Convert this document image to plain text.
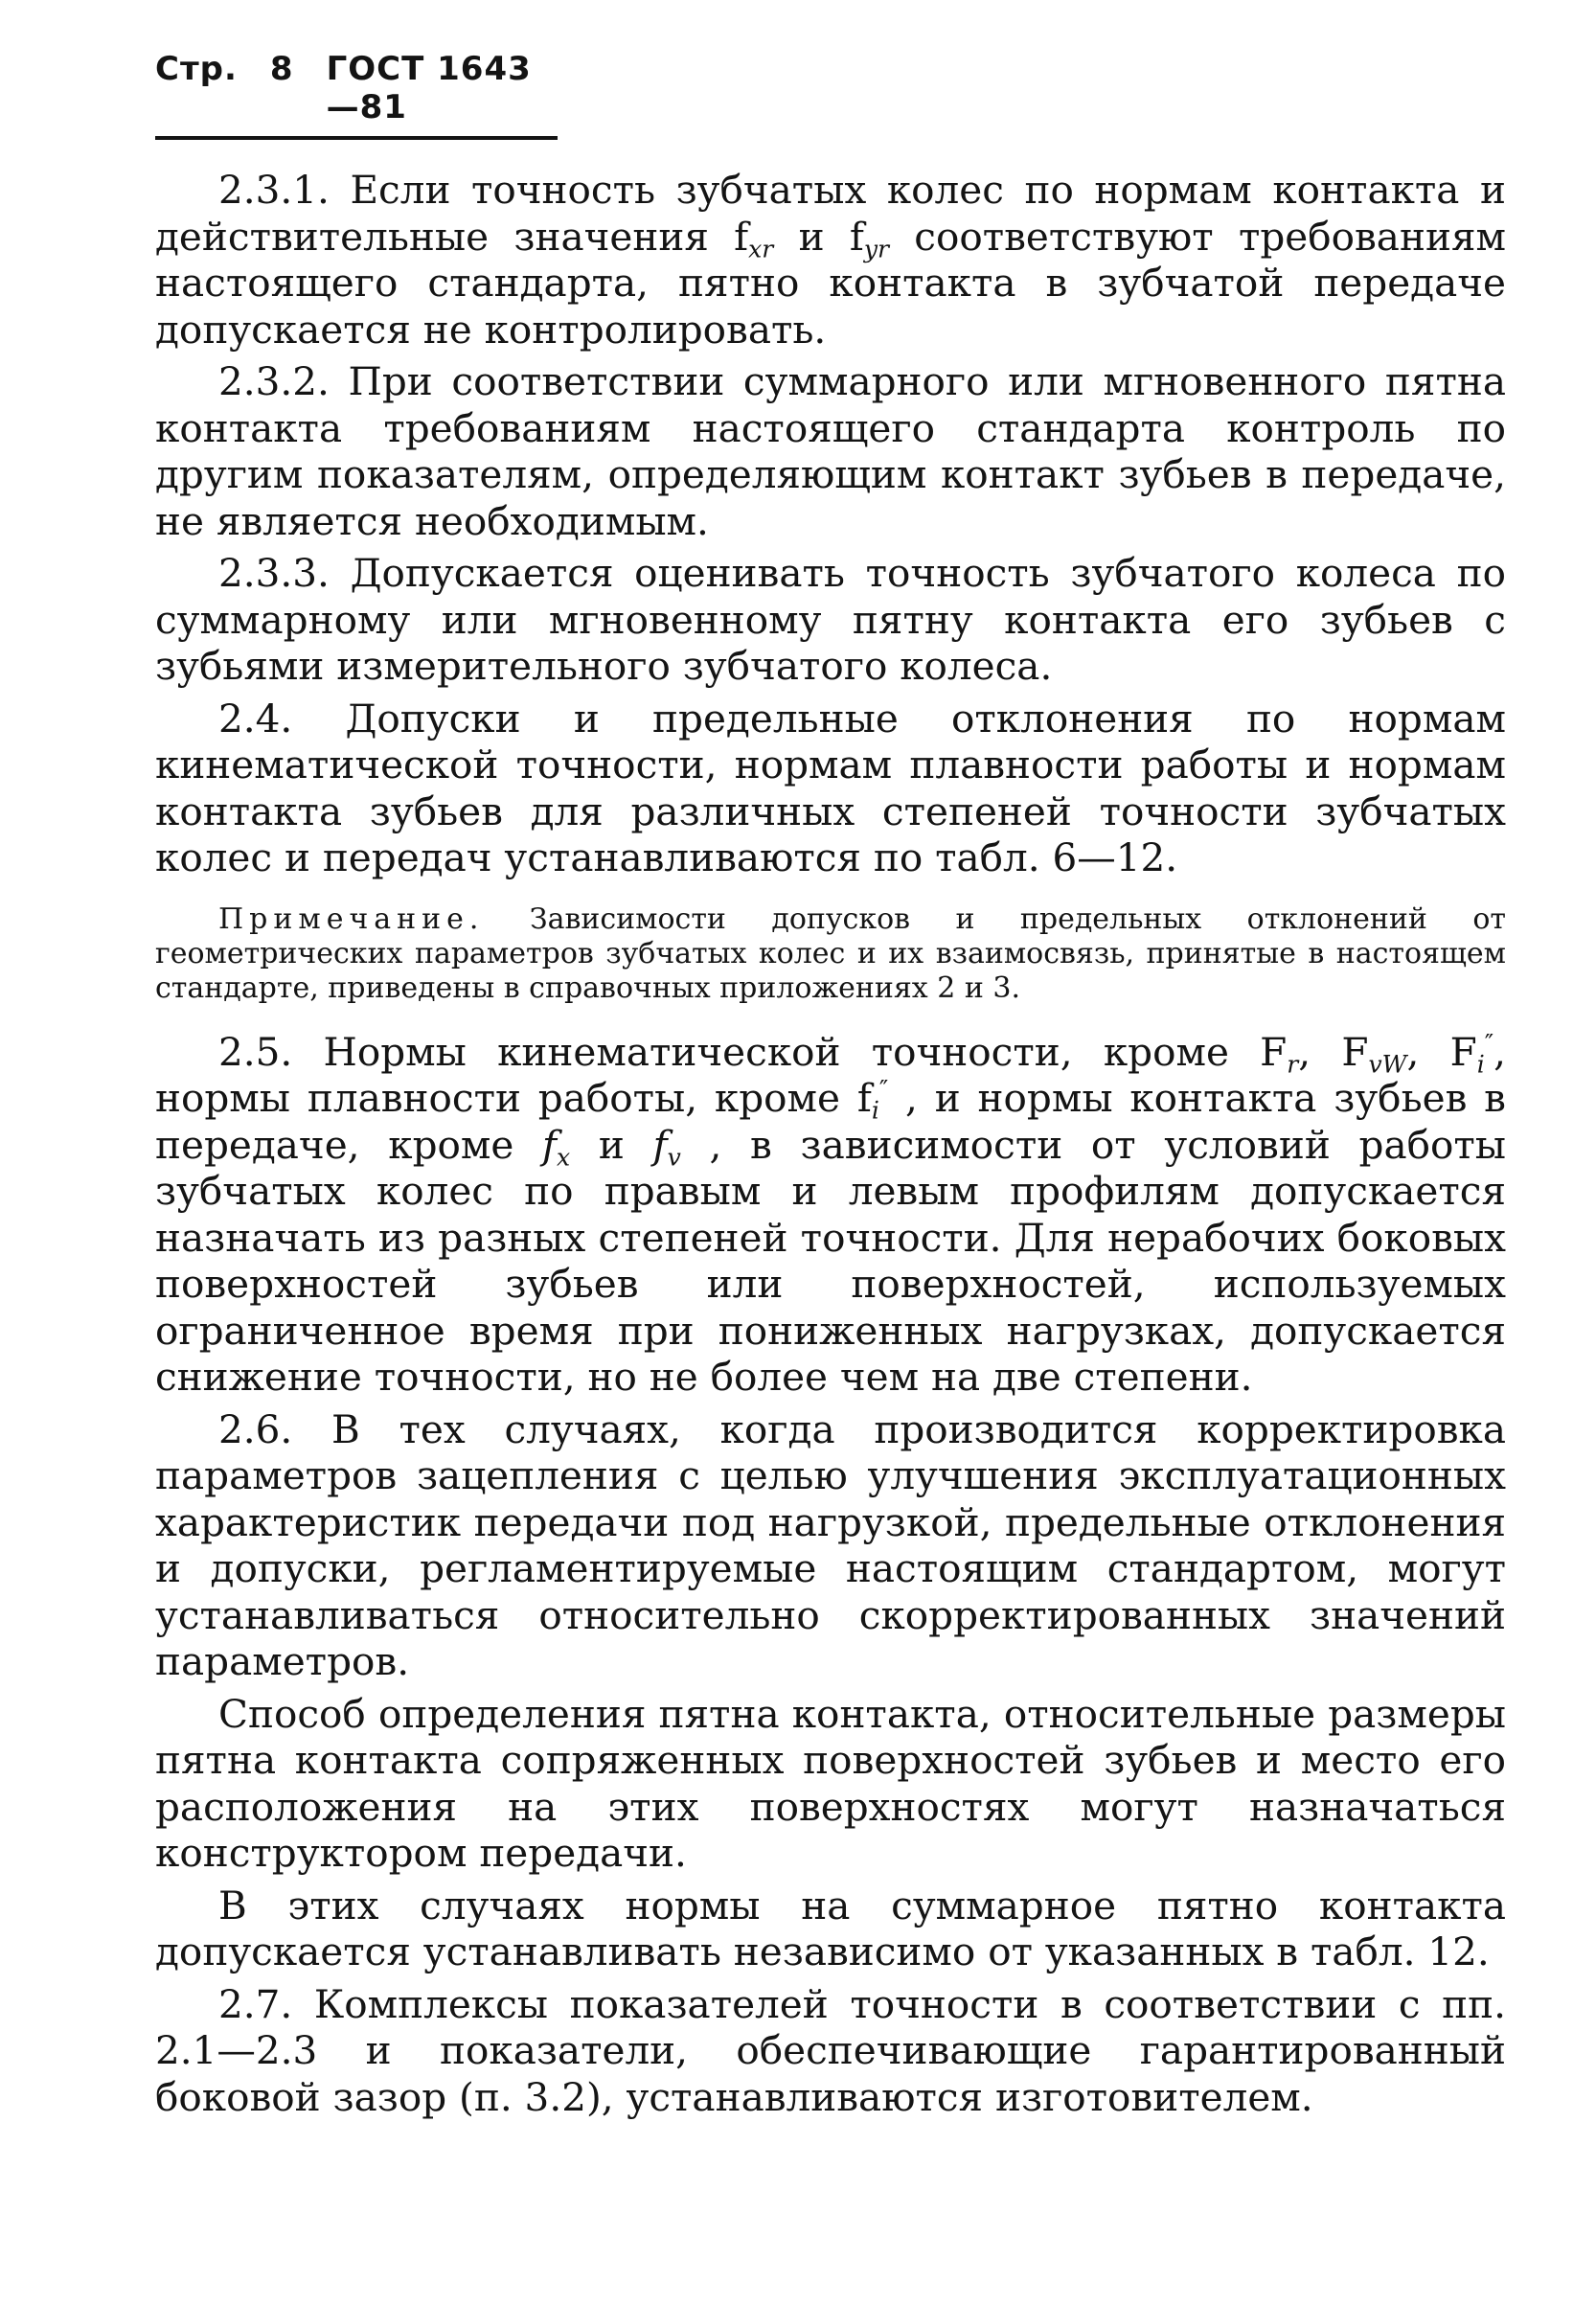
Стр. 8 ГОСТ 1643—81

2.3.1. Если точность зубчатых колес по нормам контакта и действительные значения $f_{xr}$ и $f_{yr}$ соответствуют требованиям настоящего стандарта, пятно контакта в зубчатой передаче допускается не контролировать.

2.3.2. При соответствии суммарного или мгновенного пятна контакта требованиям настоящего стандарта контроль по другим показателям, определяющим контакт зубьев в передаче, не является необходимым.

2.3.3. Допускается оценивать точность зубчатого колеса по суммарному или мгновенному пятну контакта его зубьев с зубьями измерительного зубчатого колеса.

2.4. Допуски и предельные отклонения по нормам кинематической точности, нормам плавности работы и нормам контакта зубьев для различных степеней точности зубчатых колес и передач устанавливаются по табл. 6—12.

Примечание. Зависимости допусков и предельных отклонений от геометрических параметров зубчатых колес и их взаимосвязь, принятые в настоящем стандарте, приведены в справочных приложениях 2 и 3.

2.5. Нормы кинематической точности, кроме $F_r$, $F_{vW}$, $F_i''$, нормы плавности работы, кроме $f_i''$ , и нормы контакта зубьев в передаче, кроме $f_x$ и $f_v$ , в зависимости от условий работы зубчатых колес по правым и левым профилям допускается назначать из разных степеней точности. Для нерабочих боковых поверхностей зубьев или поверхностей, используемых ограниченное время при пониженных нагрузках, допускается снижение точности, но не более чем на две степени.

2.6. В тех случаях, когда производится корректировка параметров зацепления с целью улучшения эксплуатационных характеристик передачи под нагрузкой, предельные отклонения и допуски, регламентируемые настоящим стандартом, могут устанавливаться относительно скорректированных значений параметров.

Способ определения пятна контакта, относительные размеры пятна контакта сопряженных поверхностей зубьев и место его расположения на этих поверхностях могут назначаться конструктором передачи.

В этих случаях нормы на суммарное пятно контакта допускается устанавливать независимо от указанных в табл. 12.

2.7. Комплексы показателей точности в соответствии с пп. 2.1—2.3 и показатели, обеспечивающие гарантированный боковой зазор (п. 3.2), устанавливаются изготовителем.
